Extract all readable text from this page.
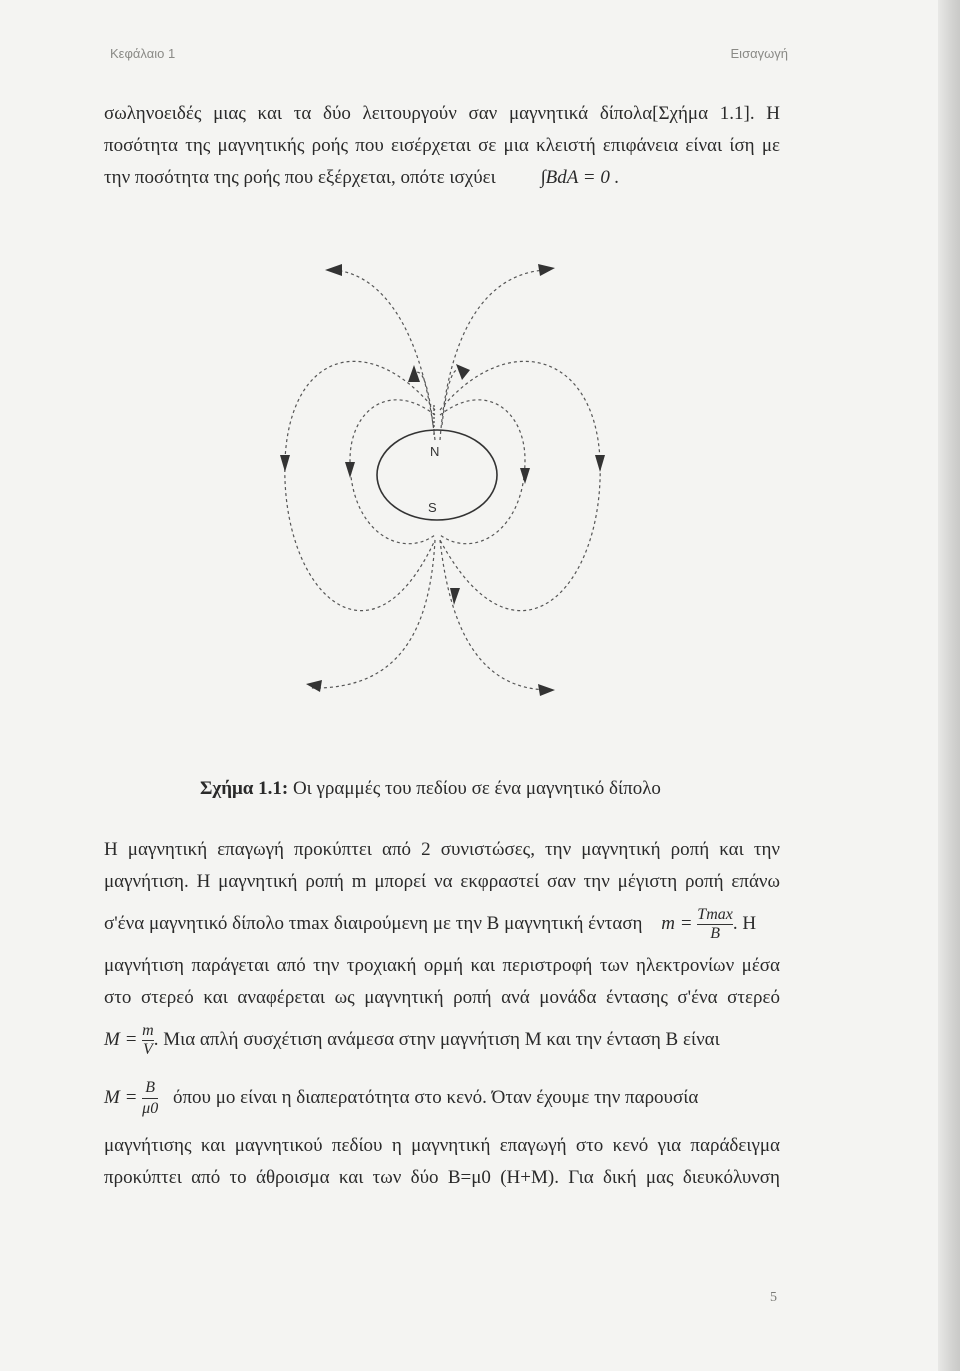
Κεφάλαιο 1	Εισαγωγή
σωληνοειδές μιας και τα δύο λειτουργούν σαν μαγνητικά δίπολα[Σχήμα 1.1]. Η
ποσότητα της μαγνητικής ροής που εισέρχεται σε μια κλειστή επιφάνεια είναι ίση με
την ποσότητα της ροής που εξέρχεται, οπότε ισχύει ∫BdA = 0 .
N
S
Σχήμα 1.1: Οι γραμμές του πεδίου σε ένα μαγνητικό δίπολο
Η μαγνητική επαγωγή προκύπτει από 2 συνιστώσες, την μαγνητική ροπή και την
μαγνήτιση. Η μαγνητική ροπή m μπορεί να εκφραστεί σαν την μέγιστη ροπή επάνω
σ'ένα μαγνητικό δίπολο τmax διαιρούμενη με την B μαγνητική ένταση $m = \frac{Tmax}{B}$ . Η
μαγνήτιση παράγεται από την τροχιακή ορμή και περιστροφή των ηλεκτρονίων μέσα
στο στερεό και αναφέρεται ως μαγνητική ροπή ανά μονάδα έντασης σ'ένα στερεό
$M = \frac{m}{V}$ . Μια απλή συσχέτιση ανάμεσα στην μαγνήτιση M και την ένταση B είναι
$M = \frac{B}{\mu 0}$ όπου μo είναι η διαπερατότητα στο κενό. Όταν έχουμε την παρουσία
μαγνήτισης και μαγνητικού πεδίου η μαγνητική επαγωγή στο κενό για παράδειγμα
προκύπτει από το άθροισμα και των δύο B=μ0 (H+M). Για δική μας διευκόλυνση
5
